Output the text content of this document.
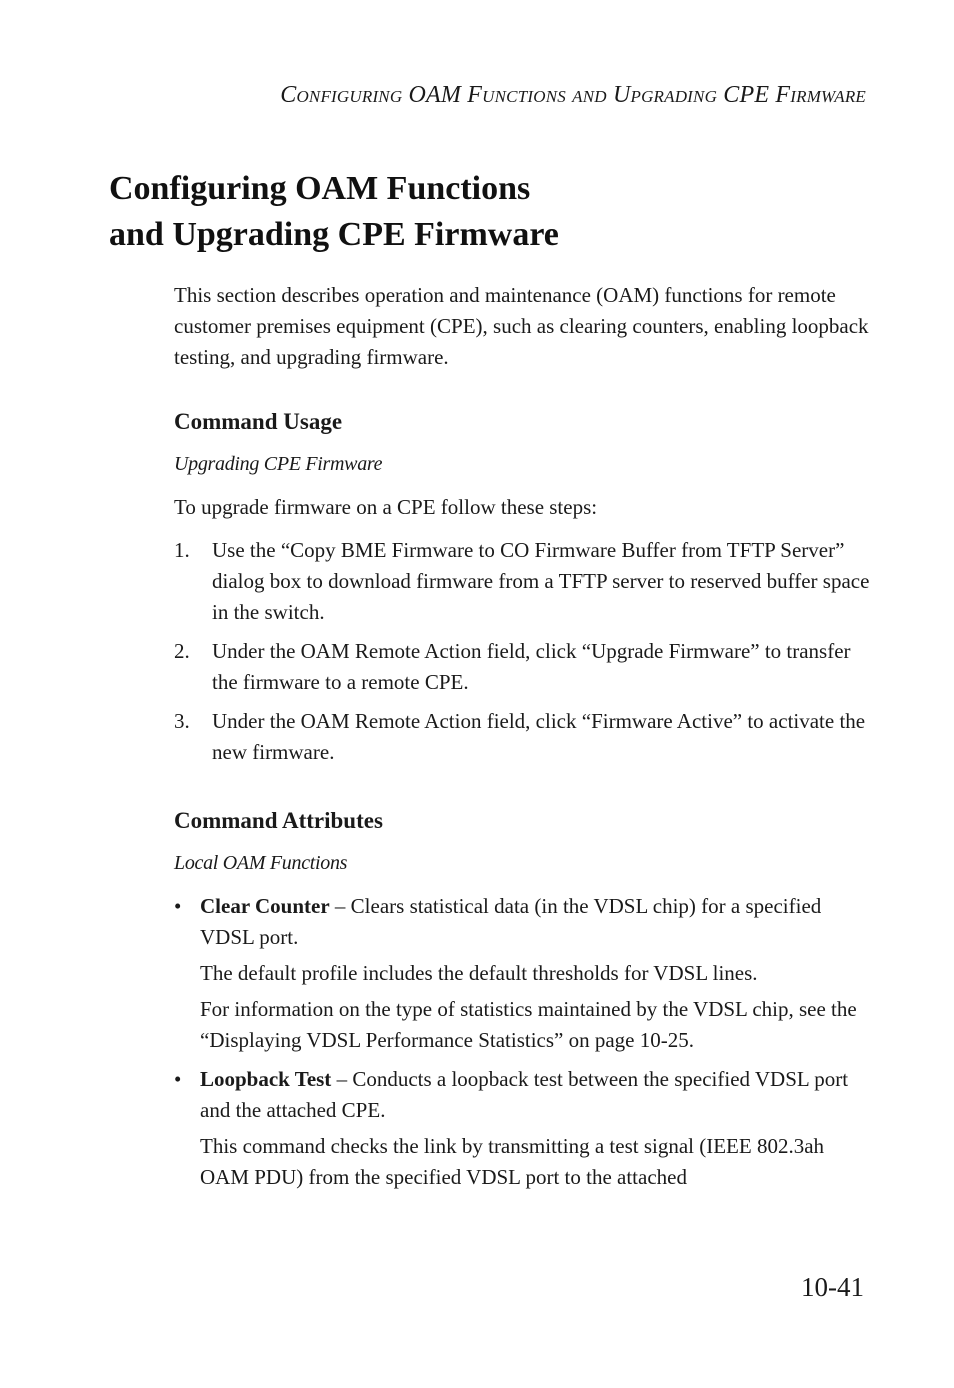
Configuring OAM Functions and Upgrading CPE Firmware
Configuring OAM Functions
and Upgrading CPE Firmware

This section describes operation and maintenance (OAM) functions for remote customer premises equipment (CPE), such as clearing counters, enabling loopback testing, and upgrading firmware.

Command Usage

Upgrading CPE Firmware

To upgrade firmware on a CPE follow these steps:

1. Use the “Copy BME Firmware to CO Firmware Buffer from TFTP Server” dialog box to download firmware from a TFTP server to reserved buffer space in the switch.
2. Under the OAM Remote Action field, click “Upgrade Firmware” to transfer the firmware to a remote CPE.
3. Under the OAM Remote Action field, click “Firmware Active” to activate the new firmware.
Command Attributes

Local OAM Functions

• Clear Counter – Clears statistical data (in the VDSL chip) for a specified VDSL port.

The default profile includes the default thresholds for VDSL lines.

For information on the type of statistics maintained by the VDSL chip, see the “Displaying VDSL Performance Statistics” on page 10-25.

• Loopback Test – Conducts a loopback test between the specified VDSL port and the attached CPE.

This command checks the link by transmitting a test signal (IEEE 802.3ah OAM PDU) from the specified VDSL port to the attached

10-41
